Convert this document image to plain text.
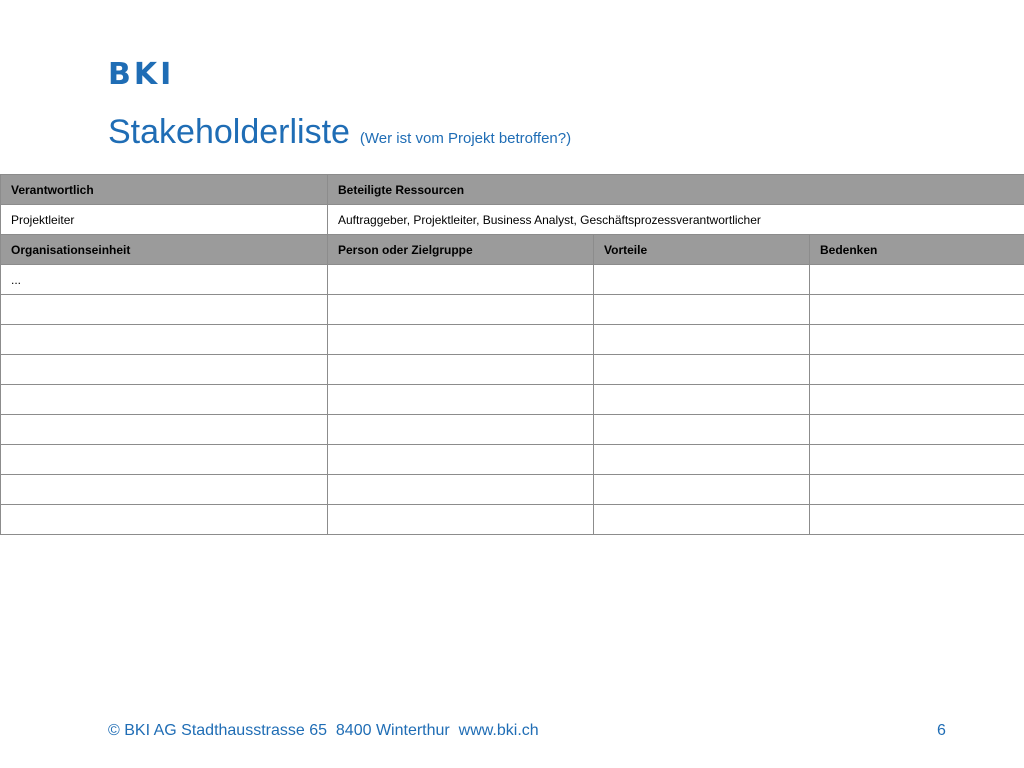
BKI
Stakeholderliste (Wer ist vom Projekt betroffen?)
Verantwortlich	Beteiligte Ressourcen		
Projektleiter	Auftraggeber, Projektleiter, Business Analyst, Geschäftsprozessverantwortlicher		
Organisationseinheit	Person oder Zielgruppe	Vorteile	Bedenken
...			

© BKI AG Stadthausstrasse 65  8400 Winterthur  www.bki.ch	6
